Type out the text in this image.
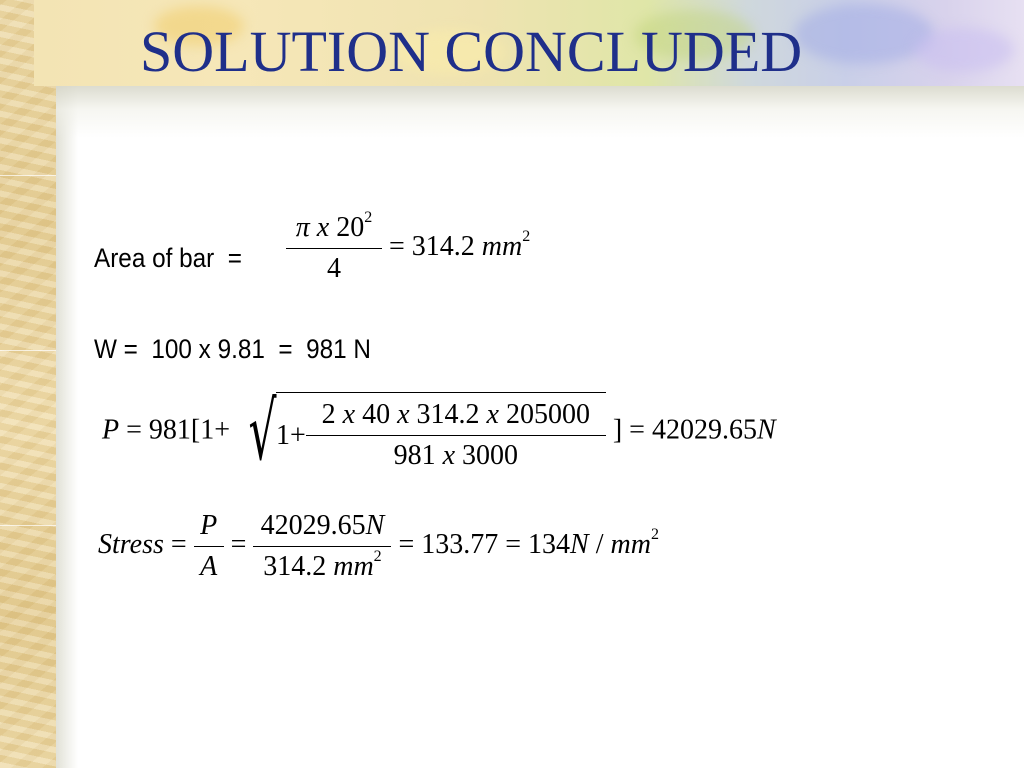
SOLUTION CONCLUDED
Area of bar  = $\frac{\pi x 20^2}{4} = 314.2$ $mm^2$
W =  100 x 9.81  =  981 N
P = 981[1+ √ $1+ \frac{2 x 40 x 314.2 x 205000}{981 x 3000}$ ] = 42029.65N
Stress = $\frac{P}{A} = \frac{42029.65N}{314.2 mm^2} = 133.77 = 134N / mm^2$
